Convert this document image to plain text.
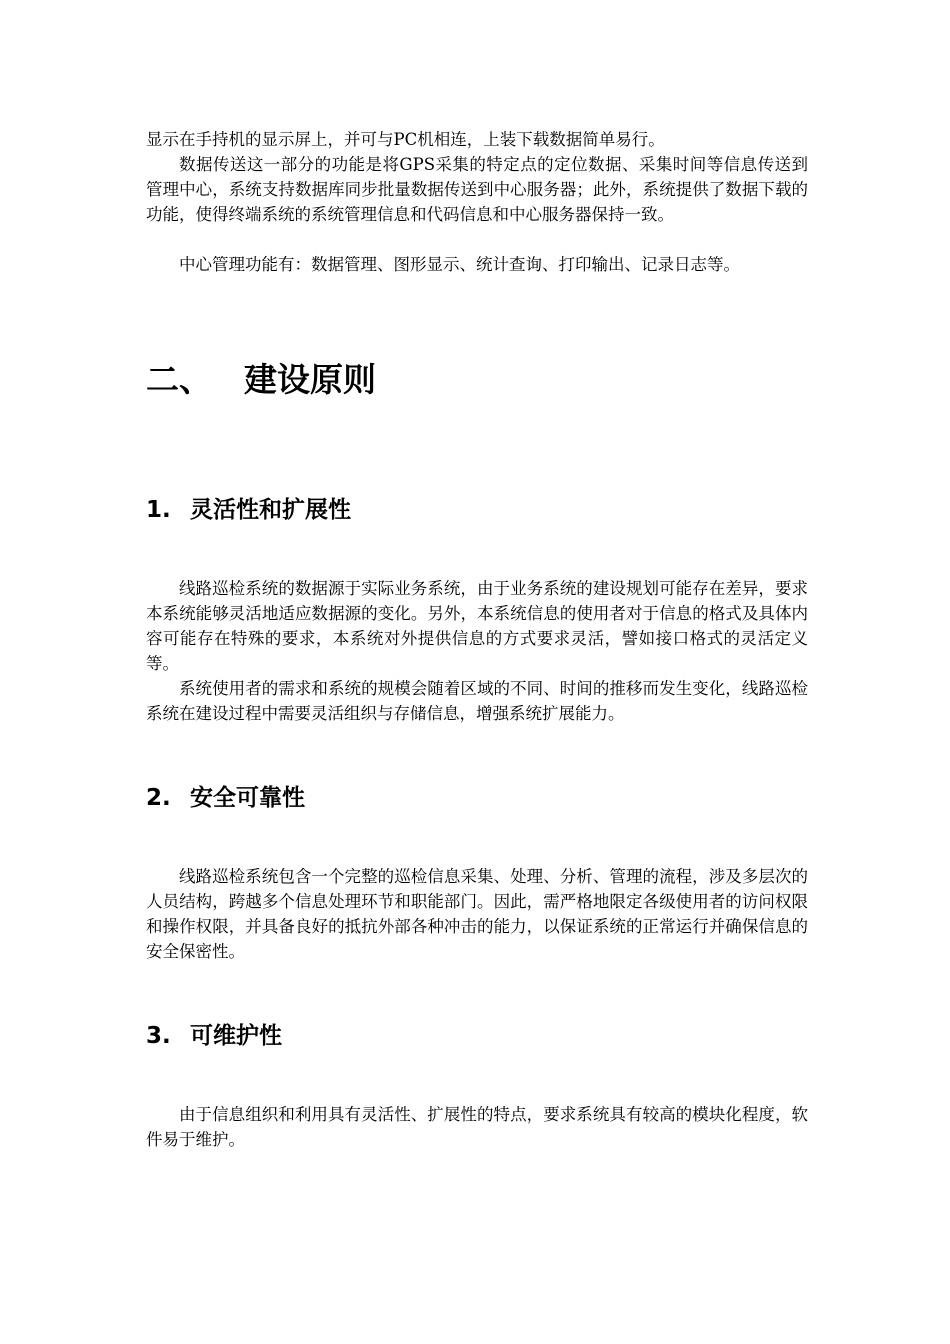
显示在手持机的显示屏上，并可与PC机相连，上装下载数据简单易行。

数据传送这一部分的功能是将GPS采集的特定点的定位数据、采集时间等信息传送到管理中心，系统支持数据库同步批量数据传送到中心服务器；此外，系统提供了数据下载的功能，使得终端系统的系统管理信息和代码信息和中心服务器保持一致。

中心管理功能有：数据管理、图形显示、统计查询、打印输出、记录日志等。

二、 建设原则
1. 灵活性和扩展性

线路巡检系统的数据源于实际业务系统，由于业务系统的建设规划可能存在差异，要求本系统能够灵活地适应数据源的变化。另外，本系统信息的使用者对于信息的格式及具体内容可能存在特殊的要求，本系统对外提供信息的方式要求灵活，譬如接口格式的灵活定义等。

系统使用者的需求和系统的规模会随着区域的不同、时间的推移而发生变化，线路巡检系统在建设过程中需要灵活组织与存储信息，增强系统扩展能力。

2. 安全可靠性

线路巡检系统包含一个完整的巡检信息采集、处理、分析、管理的流程，涉及多层次的人员结构，跨越多个信息处理环节和职能部门。因此，需严格地限定各级使用者的访问权限和操作权限，并具备良好的抵抗外部各种冲击的能力，以保证系统的正常运行并确保信息的安全保密性。

3. 可维护性

由于信息组织和利用具有灵活性、扩展性的特点，要求系统具有较高的模块化程度，软件易于维护。
